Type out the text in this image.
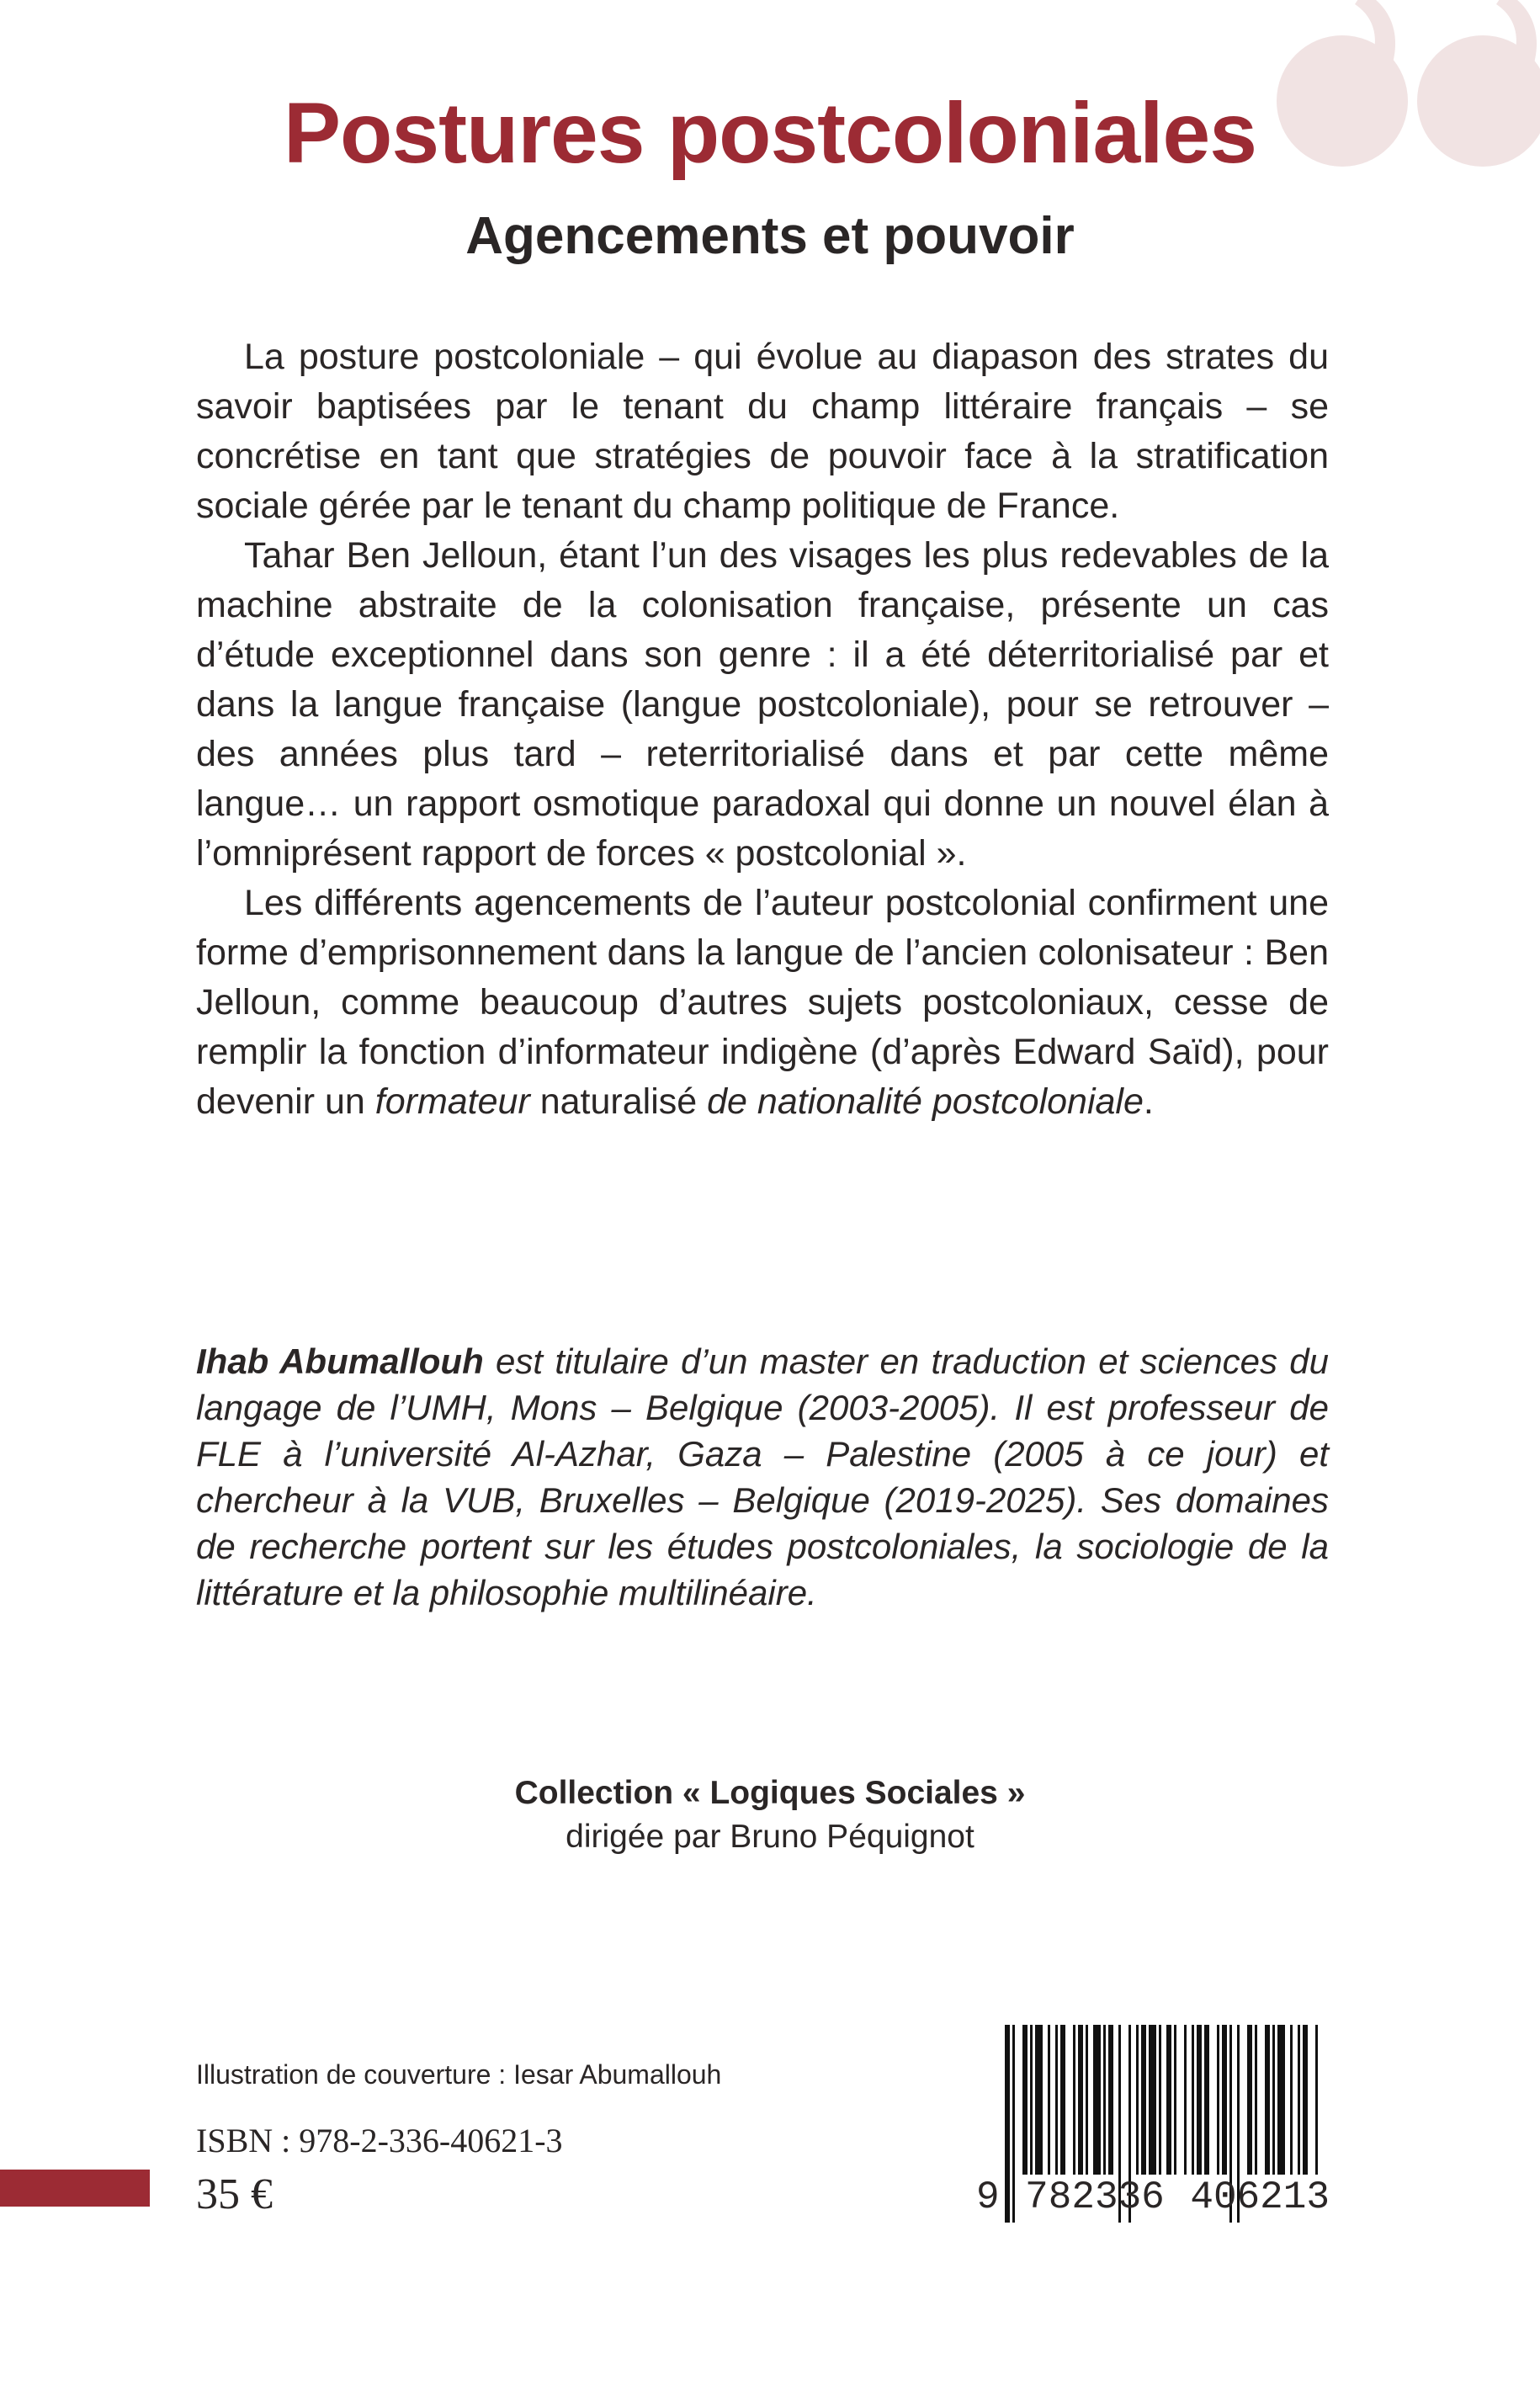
Postures postcoloniales
Agencements et pouvoir

La posture postcoloniale – qui évolue au diapason des strates du savoir baptisées par le tenant du champ littéraire français – se concrétise en tant que stratégies de pouvoir face à la stratification sociale gérée par le tenant du champ politique de France.

Tahar Ben Jelloun, étant l’un des visages les plus redevables de la machine abstraite de la colonisation française, présente un cas d’étude exceptionnel dans son genre : il a été déterritorialisé par et dans la langue française (langue postcoloniale), pour se retrouver – des années plus tard – reterritorialisé dans et par cette même langue… un rapport osmotique paradoxal qui donne un nouvel élan à l’omniprésent rapport de forces « postcolonial ».

Les différents agencements de l’auteur postcolonial confirment une forme d’emprisonnement dans la langue de l’ancien colonisateur : Ben Jelloun, comme beaucoup d’autres sujets postcoloniaux, cesse de remplir la fonction d’informateur indigène (d’après Edward Saïd), pour devenir un formateur naturalisé de nationalité postcoloniale.

Ihab Abumallouh est titulaire d’un master en traduction et sciences du langage de l’UMH, Mons – Belgique (2003-2005). Il est professeur de FLE à l’université Al-Azhar, Gaza – Palestine (2005 à ce jour) et chercheur à la VUB, Bruxelles – Belgique (2019-2025). Ses domaines de recherche portent sur les études postcoloniales, la sociologie de la littérature et la philosophie multilinéaire.

Collection « Logiques Sociales »
dirigée par Bruno Péquignot
Illustration de couverture : Iesar Abumallouh
ISBN : 978-2-336-40621-3
35 €	9 782336 406213
